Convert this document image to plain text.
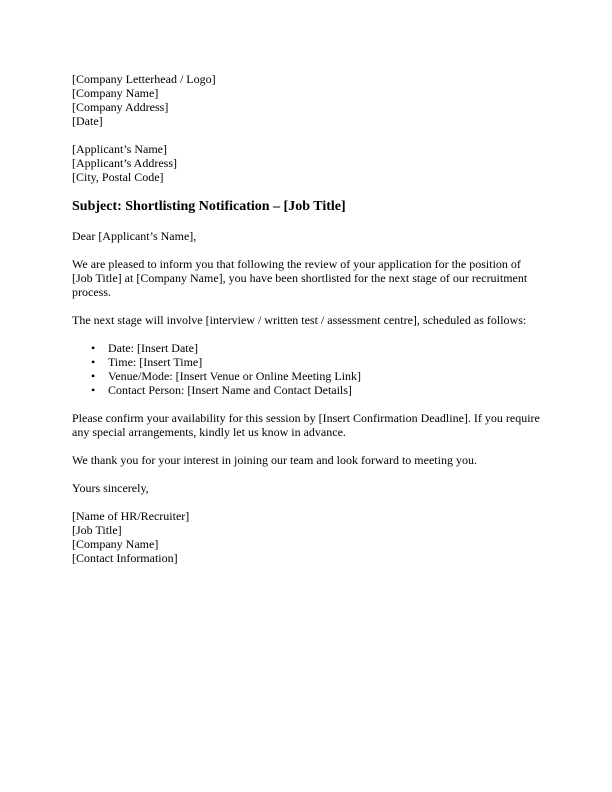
[Company Letterhead / Logo]
[Company Name]
[Company Address]
[Date]
[Applicant’s Name]
[Applicant’s Address]
[City, Postal Code]
Subject: Shortlisting Notification – [Job Title]

Dear [Applicant’s Name],

We are pleased to inform you that following the review of your application for the position of [Job Title] at [Company Name], you have been shortlisted for the next stage of our recruitment process.

The next stage will involve [interview / written test / assessment centre], scheduled as follows:

• Date: [Insert Date]
• Time: [Insert Time]
• Venue/Mode: [Insert Venue or Online Meeting Link]
• Contact Person: [Insert Name and Contact Details]

Please confirm your availability for this session by [Insert Confirmation Deadline]. If you require any special arrangements, kindly let us know in advance.

We thank you for your interest in joining our team and look forward to meeting you.

Yours sincerely,

[Name of HR/Recruiter]
[Job Title]
[Company Name]
[Contact Information]
